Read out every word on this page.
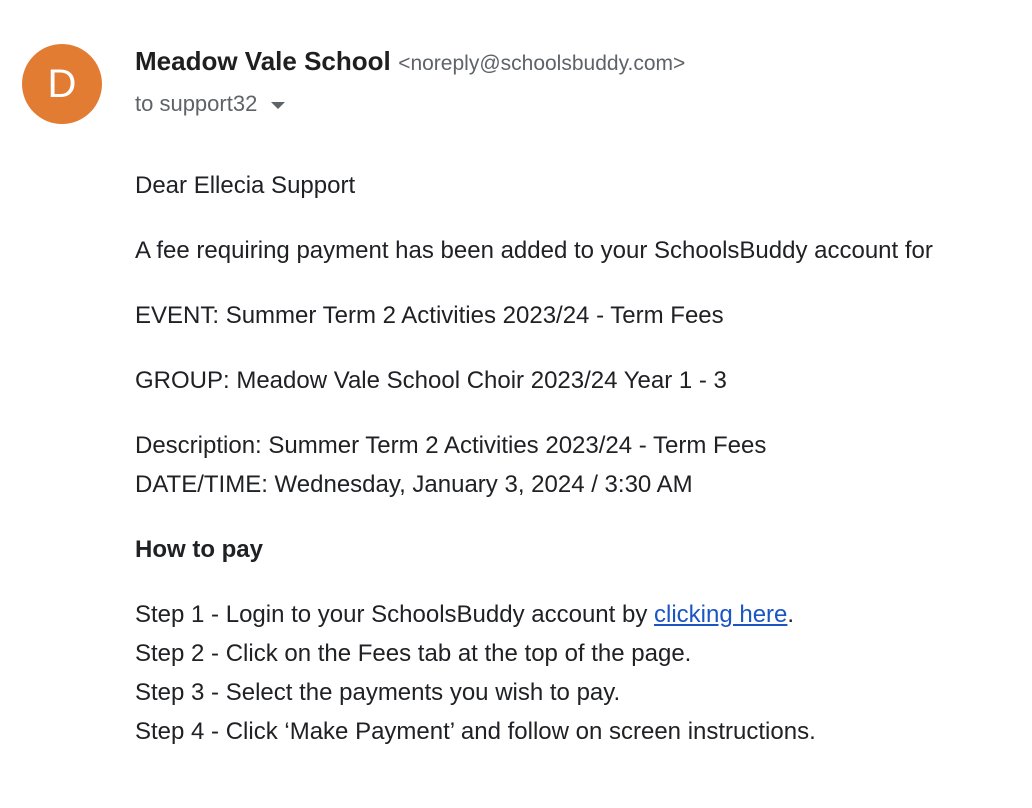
D
Meadow Vale School <noreply@schoolsbuddy.com>
to support32
Dear Ellecia Support
A fee requiring payment has been added to your SchoolsBuddy account for
EVENT: Summer Term 2 Activities 2023/24 - Term Fees
GROUP: Meadow Vale School Choir 2023/24 Year 1 - 3
Description: Summer Term 2 Activities 2023/24 - Term Fees
DATE/TIME: Wednesday, January 3, 2024 / 3:30 AM
How to pay
Step 1 - Login to your SchoolsBuddy account by clicking here.
Step 2 - Click on the Fees tab at the top of the page.
Step 3 - Select the payments you wish to pay.
Step 4 - Click ‘Make Payment’ and follow on screen instructions.
